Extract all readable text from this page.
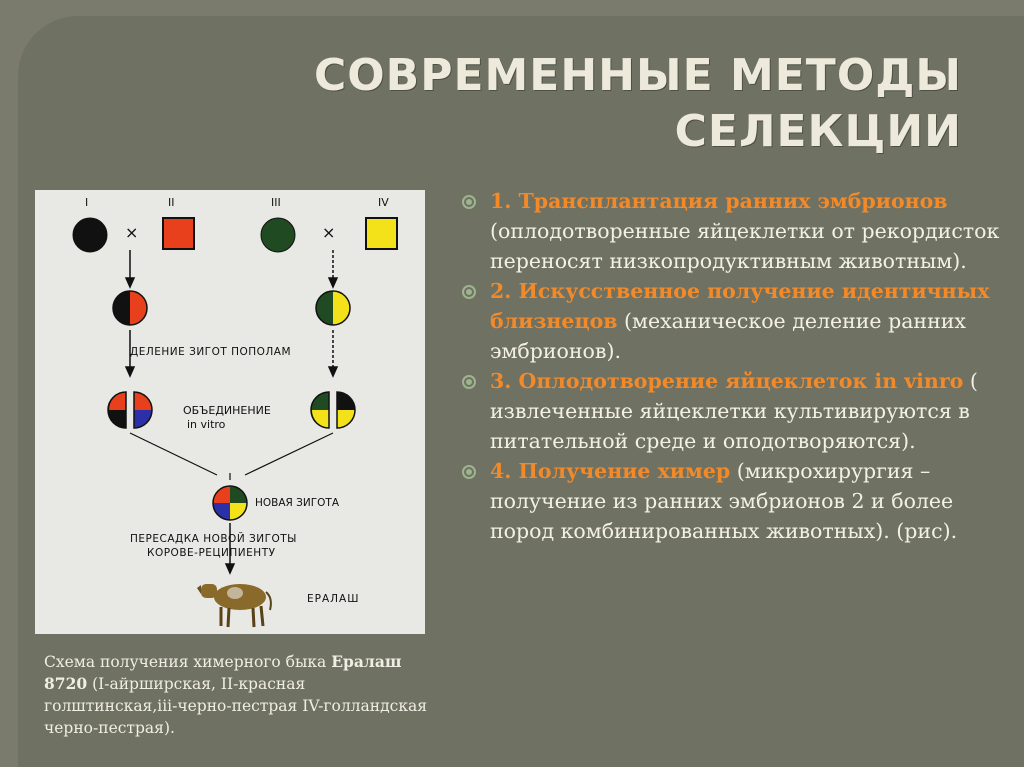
СОВРЕМЕННЫЕ МЕТОДЫ
СЕЛЕКЦИИ
I	II	III	IV
×	×
ДЕЛЕНИЕ ЗИГОТ ПОПОЛАМ
ОБЪЕДИНЕНИЕ
in vitro
НОВАЯ ЗИГОТА
ПЕРЕСАДКА НОВОЙ ЗИГОТЫ
КОРОВЕ-РЕЦИПИЕНТУ
ЕРАЛАШ
Схема получения химерного быка Ералаш 8720 (I-айрширская, II-красная голштинская,iii-черно-пестрая IV-голландская черно-пестрая).
1. Трансплантация ранних эмбрионов (оплодотворенные яйцеклетки от рекордисток переносят низкопродуктивным животным).
2. Искусственное получение идентичных близнецов (механическое деление ранних эмбрионов).
3. Оплодотворение яйцеклеток in vinro ( извлеченные яйцеклетки культивируются в питательной среде и оподотворяются).
4. Получение химер (микрохирургия – получение из ранних эмбрионов 2 и более пород комбинированных животных). (рис).
